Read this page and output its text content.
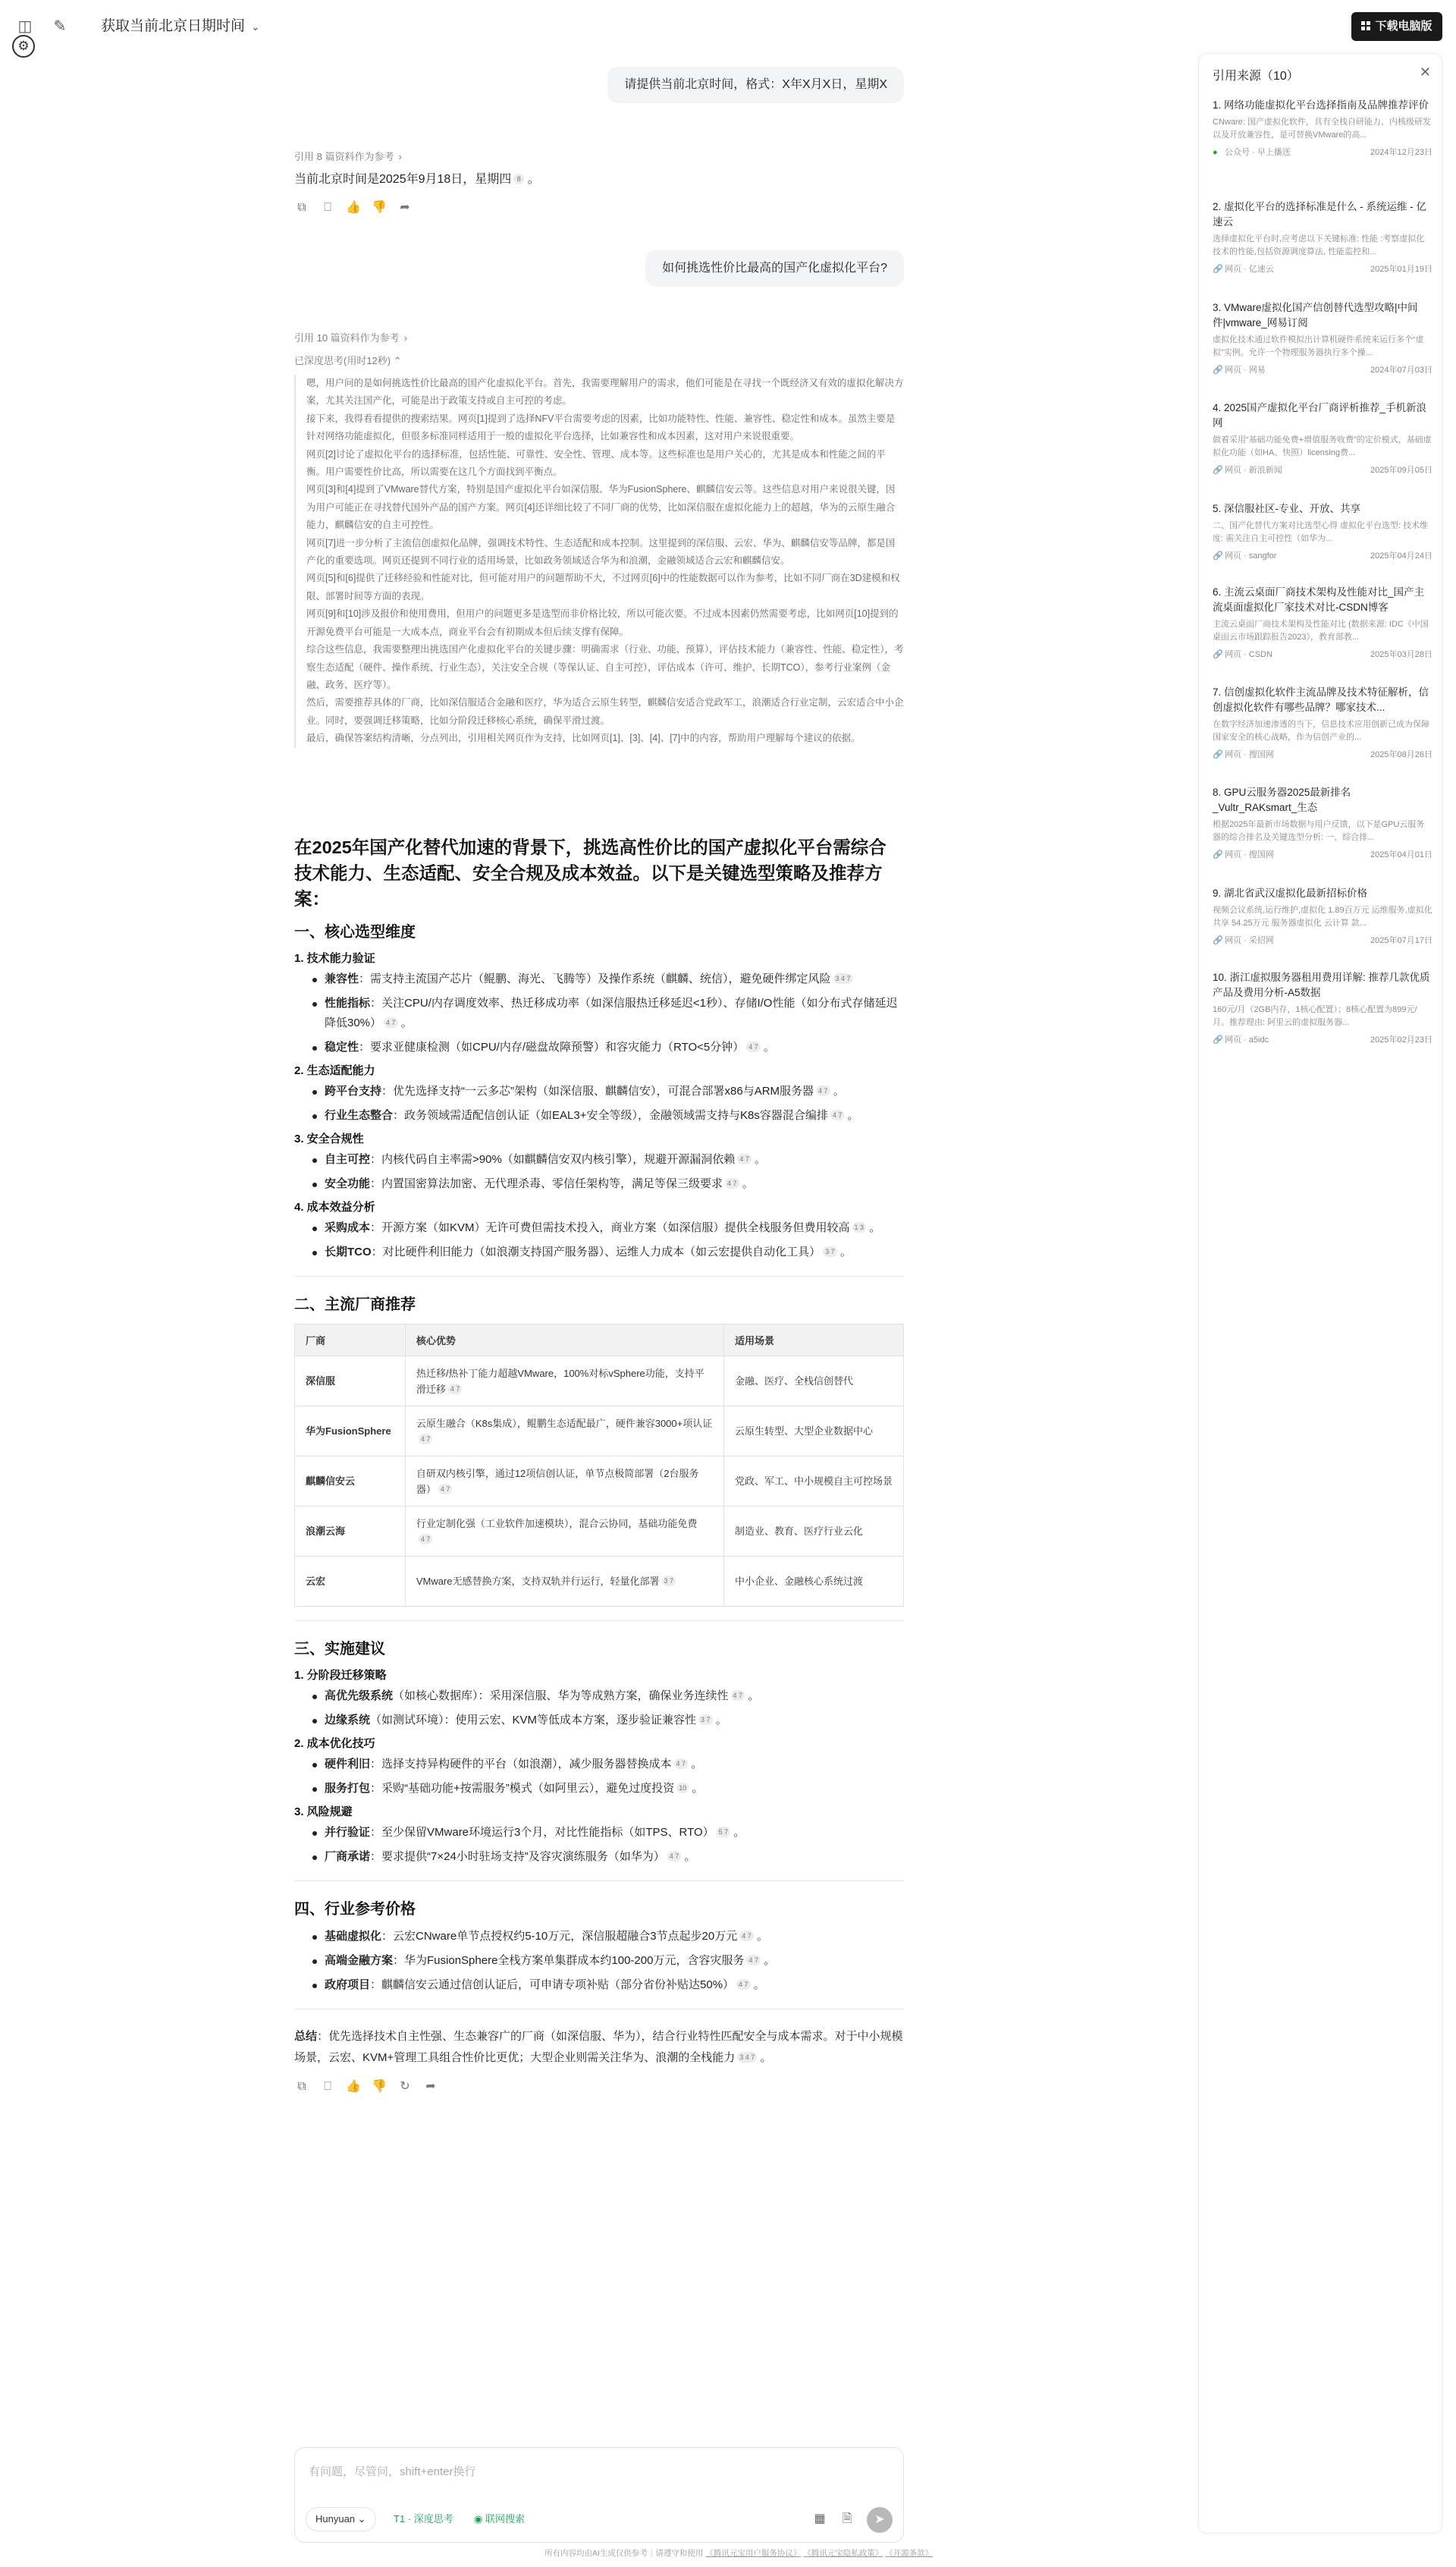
◫ ✎ 获取当前北京日期时间 ⌄	下载电脑版
⚙
请提供当前北京时间，格式：X年X月X日，星期X
引用 8 篇资料作为参考 ›
当前北京时间是2025年9月18日，星期四 8 。
⧉	⎕	👍 👎 ➦
如何挑选性价比最高的国产化虚拟化平台?
引用 10 篇资料作为参考 ›
已深度思考(用时12秒) ⌃

嗯，用户问的是如何挑选性价比最高的国产化虚拟化平台。首先，我需要理解用户的需求，他们可能是在寻找一个既经济又有效的虚拟化解决方案，尤其关注国产化，可能是出于政策支持或自主可控的考虑。

接下来，我得看看提供的搜索结果。网页[1]提到了选择NFV平台需要考虑的因素，比如功能特性、性能、兼容性、稳定性和成本。虽然主要是针对网络功能虚拟化，但很多标准同样适用于一般的虚拟化平台选择，比如兼容性和成本因素，这对用户来说很重要。

网页[2]讨论了虚拟化平台的选择标准，包括性能、可靠性、安全性、管理、成本等。这些标准也是用户关心的，尤其是成本和性能之间的平衡。用户需要性价比高，所以需要在这几个方面找到平衡点。

网页[3]和[4]提到了VMware替代方案，特别是国产虚拟化平台如深信服、华为FusionSphere、麒麟信安云等。这些信息对用户来说很关键，因为用户可能正在寻找替代国外产品的国产方案。网页[4]还详细比较了不同厂商的优势，比如深信服在虚拟化能力上的超越，华为的云原生融合能力，麒麟信安的自主可控性。

网页[7]进一步分析了主流信创虚拟化品牌，强调技术特性、生态适配和成本控制。这里提到的深信服、云宏、华为、麒麟信安等品牌，都是国产化的重要选项。网页还提到不同行业的适用场景，比如政务领域适合华为和浪潮，金融领域适合云宏和麒麟信安。

网页[5]和[6]提供了迁移经验和性能对比，但可能对用户的问题帮助不大，不过网页[6]中的性能数据可以作为参考，比如不同厂商在3D建模和权限、部署时间等方面的表现。

网页[9]和[10]涉及报价和使用费用，但用户的问题更多是选型而非价格比较，所以可能次要。不过成本因素仍然需要考虑，比如网页[10]提到的开源免费平台可能是一大成本点，商业平台会有初期成本但后续支撑有保障。

综合这些信息，我需要整理出挑选国产化虚拟化平台的关键步骤：明确需求（行业、功能、预算），评估技术能力（兼容性、性能、稳定性），考察生态适配（硬件、操作系统、行业生态），关注安全合规（等保认证、自主可控），评估成本（许可、维护、长期TCO），参考行业案例（金融、政务、医疗等）。

然后，需要推荐具体的厂商，比如深信服适合金融和医疗，华为适合云原生转型，麒麟信安适合党政军工，浪潮适合行业定制，云宏适合中小企业。同时，要强调迁移策略，比如分阶段迁移核心系统，确保平滑过渡。

最后，确保答案结构清晰，分点列出，引用相关网页作为支持，比如网页[1]、[3]、[4]、[7]中的内容，帮助用户理解每个建议的依据。

在2025年国产化替代加速的背景下，挑选高性价比的国产虚拟化平台需综合技术能力、生态适配、安全合规及成本效益。以下是关键选型策略及推荐方案：
一、核心选型维度
1. 技术能力验证
兼容性：需支持主流国产芯片（鲲鹏、海光、飞腾等）及操作系统（麒麟、统信），避免硬件绑定风险 3 4 7
性能指标：关注CPU/内存调度效率、热迁移成功率（如深信服热迁移延迟<1秒）、存储I/O性能（如分布式存储延迟降低30%） 4 7 。
稳定性：要求亚健康检测（如CPU/内存/磁盘故障预警）和容灾能力（RTO<5分钟） 4 7 。
2. 生态适配能力
跨平台支持：优先选择支持“一云多芯”架构（如深信服、麒麟信安），可混合部署x86与ARM服务器 4 7 。
行业生态整合：政务领域需适配信创认证（如EAL3+安全等级），金融领域需支持与K8s容器混合编排 4 7 。
3. 安全合规性
自主可控：内核代码自主率需>90%（如麒麟信安双内核引擎），规避开源漏洞依赖 4 7 。
安全功能：内置国密算法加密、无代理杀毒、零信任架构等，满足等保三级要求 4 7 。
4. 成本效益分析
采购成本：开源方案（如KVM）无许可费但需技术投入，商业方案（如深信服）提供全栈服务但费用较高 1 3 。
长期TCO：对比硬件利旧能力（如浪潮支持国产服务器）、运维人力成本（如云宏提供自动化工具） 3 7 。
二、主流厂商推荐
厂商	核心优势	适用场景
深信服	热迁移/热补丁能力超越VMware，100%对标vSphere功能，支持平滑迁移 4 7	金融、医疗、全栈信创替代
华为FusionSphere	云原生融合（K8s集成），鲲鹏生态适配最广，硬件兼容3000+项认证4 7	云原生转型、大型企业数据中心
麒麟信安云	自研双内核引擎，通过12项信创认证，单节点极简部署（2台服务器） 4 7	党政、军工、中小规模自主可控场景
浪潮云海	行业定制化强（工业软件加速模块），混合云协同，基础功能免费4 7	制造业、教育、医疗行业云化
云宏	VMware无感替换方案，支持双轨并行运行，轻量化部署 3 7	中小企业、金融核心系统过渡
三、实施建议
1. 分阶段迁移策略
高优先级系统（如核心数据库）：采用深信服、华为等成熟方案，确保业务连续性 4 7 。
边缘系统（如测试环境）：使用云宏、KVM等低成本方案，逐步验证兼容性 3 7 。
2. 成本优化技巧
硬件利旧：选择支持异构硬件的平台（如浪潮），减少服务器替换成本 4 7 。
服务打包：采购“基础功能+按需服务”模式（如阿里云），避免过度投资 10 。
3. 风险规避
并行验证：至少保留VMware环境运行3个月，对比性能指标（如TPS、RTO） 5 7 。
厂商承诺：要求提供“7×24小时驻场支持”及容灾演练服务（如华为） 4 7 。
四、行业参考价格
基础虚拟化：云宏CNware单节点授权约5-10万元，深信服超融合3节点起步20万元 4 7 。
高端金融方案：华为FusionSphere全栈方案单集群成本约100-200万元，含容灾服务 4 7 。
政府项目：麒麟信安云通过信创认证后，可申请专项补贴（部分省份补贴达50%） 4 7 。

总结：优先选择技术自主性强、生态兼容广的厂商（如深信服、华为），结合行业特性匹配安全与成本需求。对于中小规模场景，云宏、KVM+管理工具组合性价比更优；大型企业则需关注华为、浪潮的全栈能力 3 4 7 。

⧉	⎕	👍 👎 ↻ ➦
有问题，尽管问，shift+enter换行
Hunyuan ⌄	T1 · 深度思考	◉ 联网搜索	▦	🗎	➤
所有内容均由AI生成仅供参考｜请遵守和使用 《腾讯元宝用户服务协议》 《腾讯元宝隐私政策》 《开源条款》
引用来源（10）	✕
1. 网络功能虚拟化平台选择指南及品牌推荐评价
CNware: 国产虚拟化软件，具有全栈自研能力、内核级研发以及开放兼容性，是可替换VMware的高...
● 公众号 · 早上播送	2024年12月23日
2. 虚拟化平台的选择标准是什么 - 系统运维 - 亿速云
选择虚拟化平台时,应考虑以下关键标准: 性能 :考察虚拟化技术的性能,包括资源调度算法, 性能监控和...
🔗 网页 · 亿速云	2025年01月19日
3. VMware虚拟化国产信创替代选型攻略|中间件|vmware_网易订阅
虚拟化技术通过软件模拟出计算机硬件系统来运行多个“虚拟”实例。允许一个物理服务器执行多个操...
🔗 网页 · 网易	2024年07月03日
4. 2025国产虚拟化平台厂商评析推荐_手机新浪网
做着采用“基础功能免费+增值服务收费”的定价模式，基础虚拟化功能（如HA、快照）licensing费...
🔗 网页 · 新浪新闻	2025年09月05日
5. 深信服社区-专业、开放、共享
二、国产化替代方案对比选型心得 虚拟化平台选型: 技术维度: 需关注自主可控性（如华为...
🔗 网页 · sangfor	2025年04月24日
6. 主流云桌面厂商技术架构及性能对比_国产主流桌面虚拟化厂家技术对比-CSDN博客
主流云桌面厂商技术架构及性能对比 (数据来源: IDC《中国桌面云市场跟踪报告2023》，教育部教...
🔗 网页 · CSDN	2025年03月28日
7. 信创虚拟化软件主流品牌及技术特征解析，信创虚拟化软件有哪些品牌？哪家技术...
在数字经济加速渗透的当下，信息技术应用创新已成为保障国家安全的核心战略，作为信创产业的...
🔗 网页 · 搜国网	2025年08月26日
8. GPU云服务器2025最新排名_Vultr_RAKsmart_生态
根据2025年最新市场数据与用户反馈，以下是GPU云服务器的综合排名及关键选型分析: 一、综合排...
🔗 网页 · 搜国网	2025年04月01日
9. 湖北省武汉虚拟化最新招标价格
视频会议系统,运行维护,虚拟化 1.89百万元 运维服务,虚拟化 共享 54.25万元 服务器虚拟化 云计算 款...
🔗 网页 · 采招网	2025年07月17日
10. 浙江虚拟服务器租用费用详解: 推荐几款优质产品及费用分析-A5数据
160元/月（2GB内存，1核心配置）；8核心配置为899元/月。推荐理由: 阿里云的虚拟服务器...
🔗 网页 · a5idc	2025年02月23日
